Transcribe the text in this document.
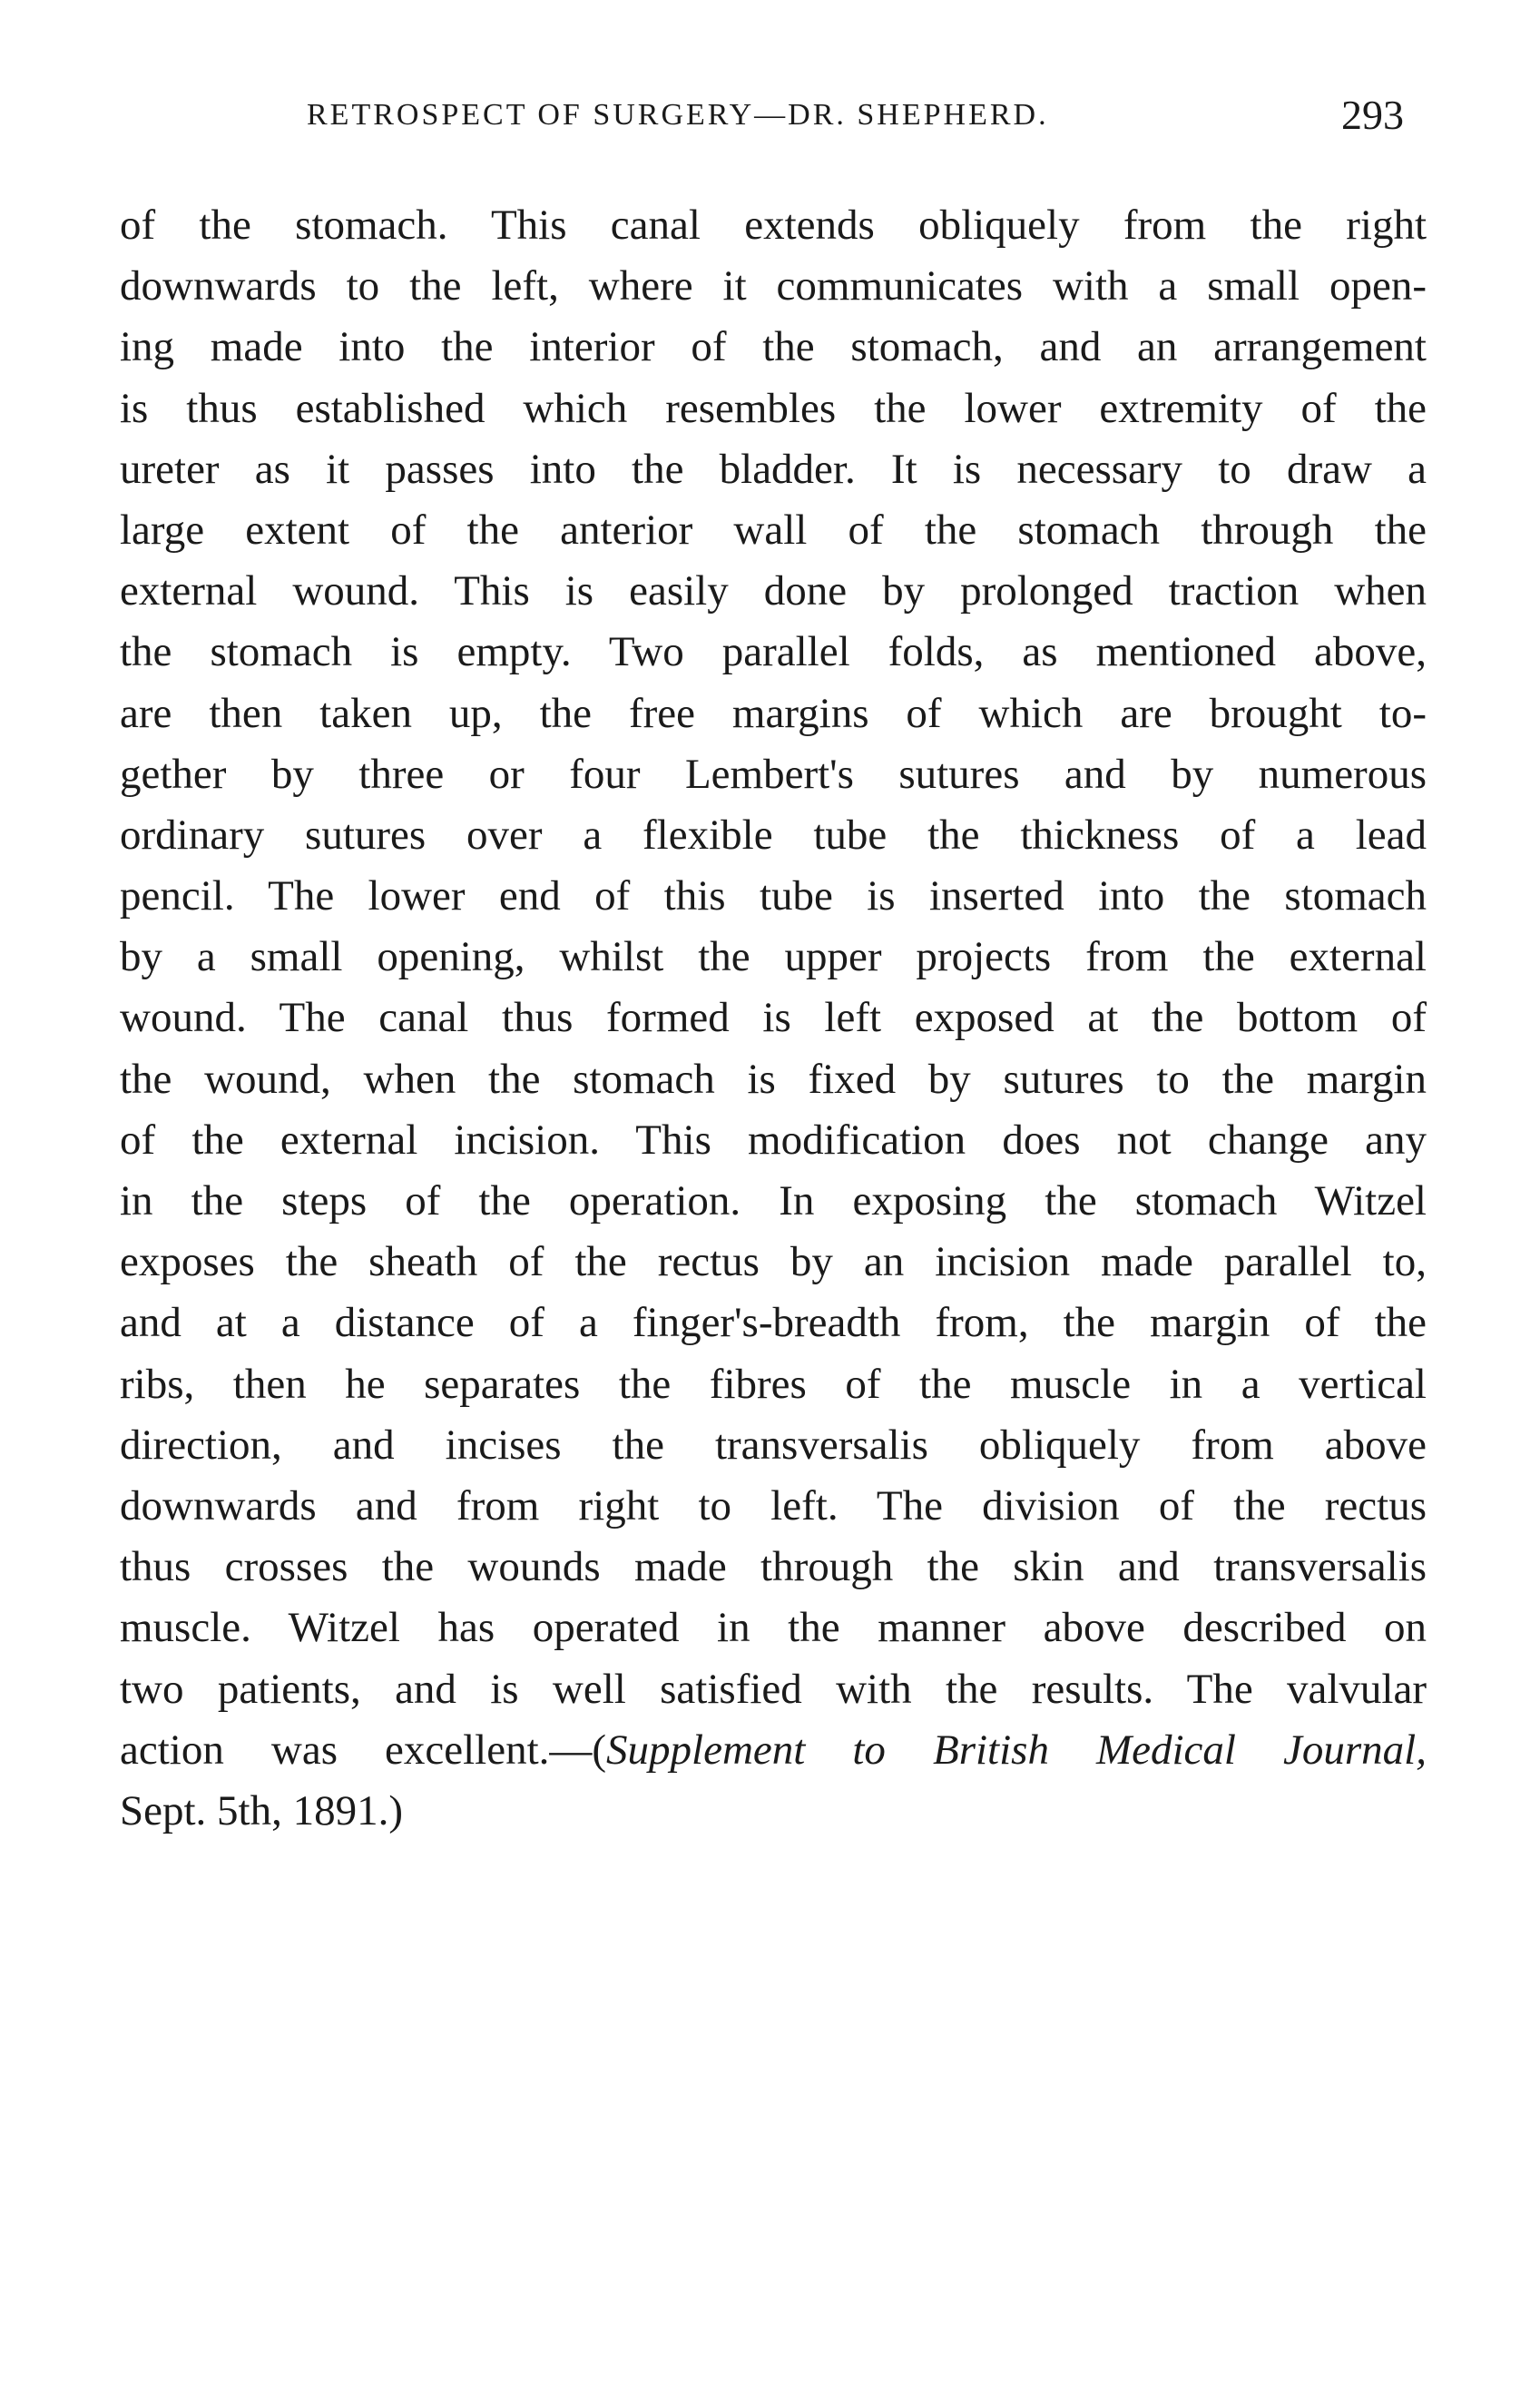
RETROSPECT OF SURGERY—DR. SHEPHERD.	293
of the stomach. This canal extends obliquely from the right
downwards to the left, where it communicates with a small open-
ing made into the interior of the stomach, and an arrangement
is thus established which resembles the lower extremity of the
ureter as it passes into the bladder. It is necessary to draw a
large extent of the anterior wall of the stomach through the
external wound. This is easily done by prolonged traction when
the stomach is empty. Two parallel folds, as mentioned above,
are then taken up, the free margins of which are brought to-
gether by three or four Lembert's sutures and by numerous
ordinary sutures over a flexible tube the thickness of a lead
pencil. The lower end of this tube is inserted into the stomach
by a small opening, whilst the upper projects from the external
wound. The canal thus formed is left exposed at the bottom of
the wound, when the stomach is fixed by sutures to the margin
of the external incision. This modification does not change any
in the steps of the operation. In exposing the stomach Witzel
exposes the sheath of the rectus by an incision made parallel to,
and at a distance of a finger's-breadth from, the margin of the
ribs, then he separates the fibres of the muscle in a vertical
direction, and incises the transversalis obliquely from above
downwards and from right to left. The division of the rectus
thus crosses the wounds made through the skin and transversalis
muscle. Witzel has operated in the manner above described on
two patients, and is well satisfied with the results. The valvular
action was excellent.—(Supplement to British Medical Journal,
Sept. 5th, 1891.)
